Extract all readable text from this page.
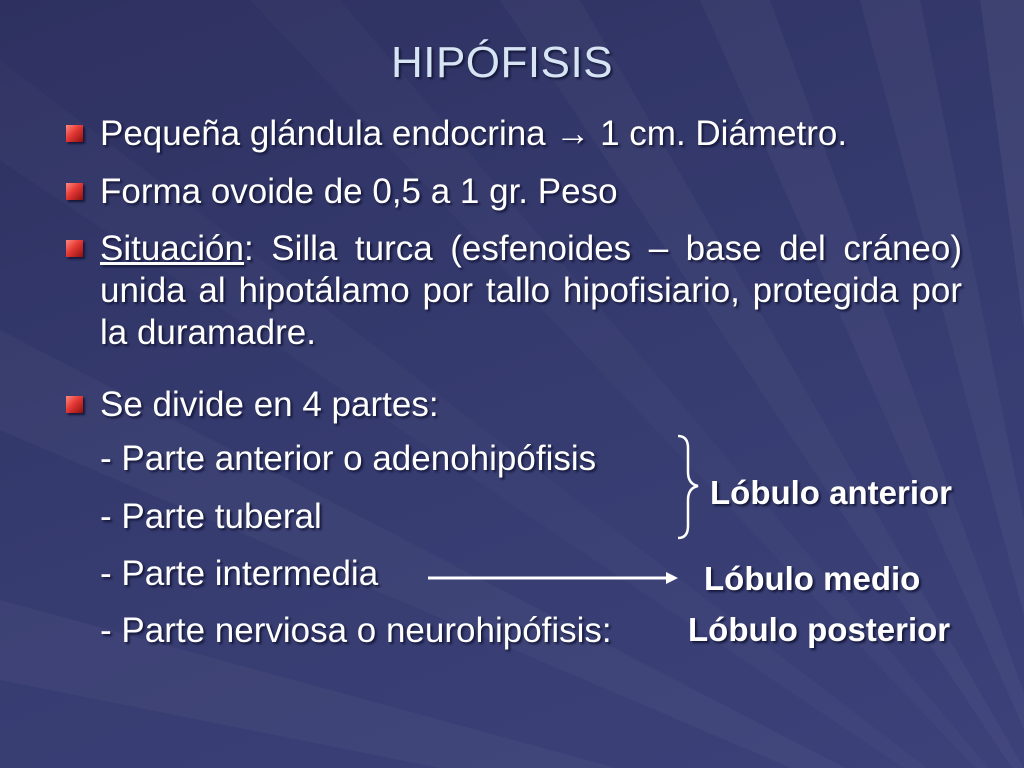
HIPÓFISIS
Pequeña glándula endocrina → 1 cm. Diámetro.
Forma ovoide de 0,5 a 1 gr. Peso
Situación: Silla turca (esfenoides – base del cráneo) unida al hipotálamo por tallo hipofisiario, protegida por la duramadre.
Se divide en 4 partes:
- Parte anterior o adenohipófisis
- Parte tuberal
- Parte intermedia
- Parte nerviosa o neurohipófisis:
Lóbulo anterior
Lóbulo medio
Lóbulo posterior
